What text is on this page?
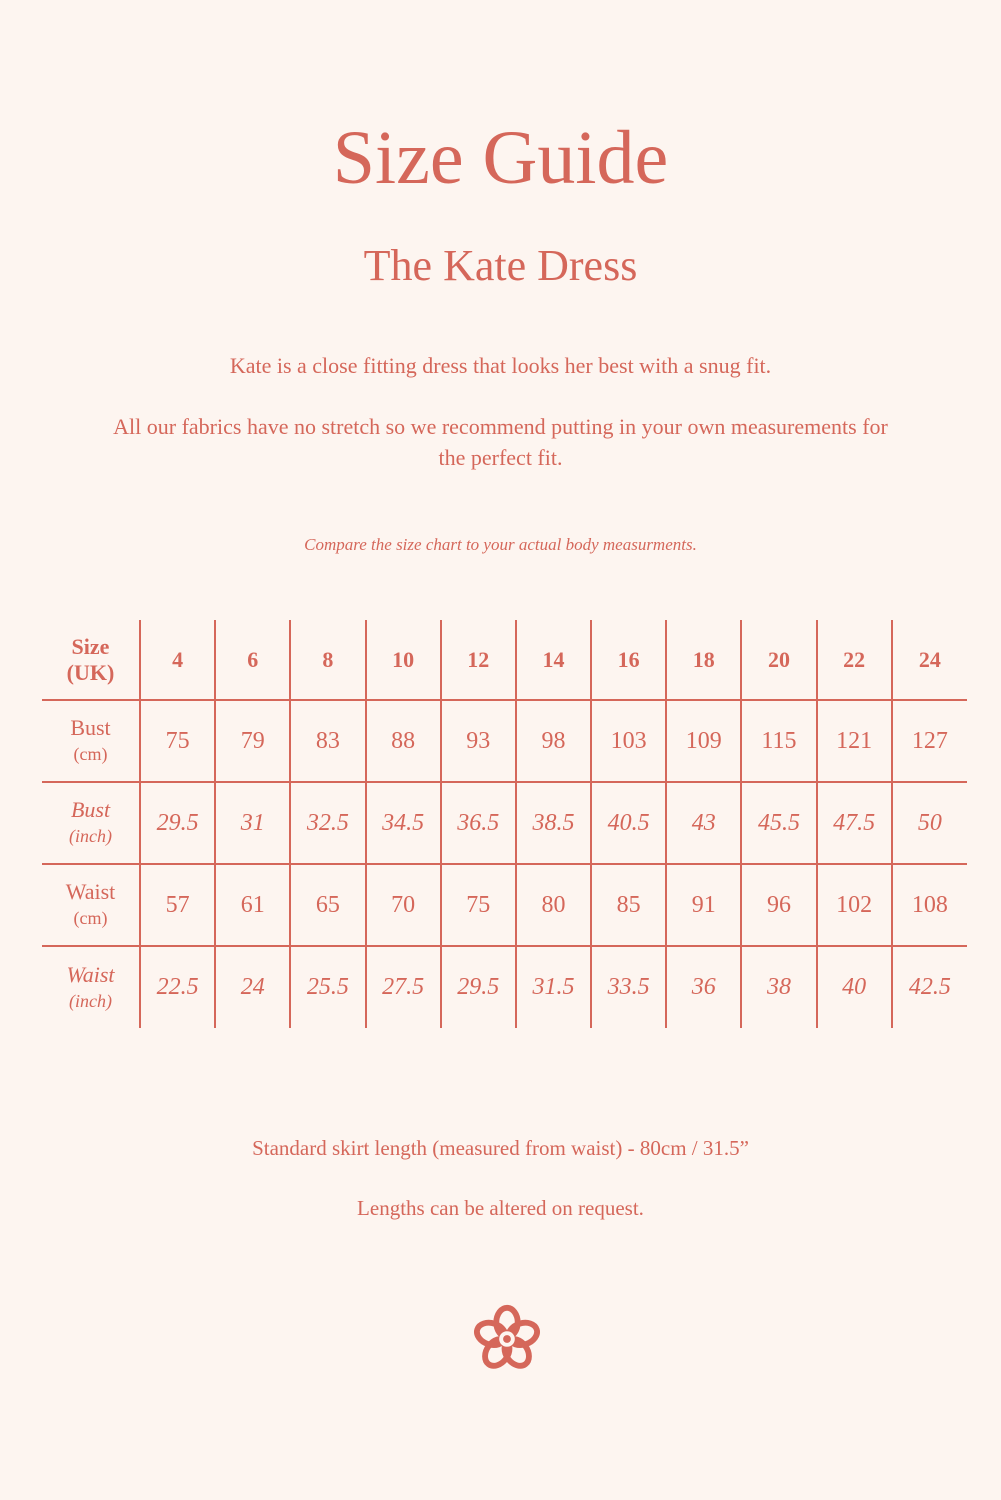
Size Guide
The Kate Dress

Kate is a close fitting dress that looks her best with a snug fit.

All our fabrics have no stretch so we recommend putting in your own measurements for the perfect fit.

Compare the size chart to your actual body measurments.

Size
(UK)	4	6	8	10	12	14	16	18	20	22	24
Bust
(cm)	75	79	83	88	93	98	103	109	115	121	127
Bust
(inch)	29.5	31	32.5	34.5	36.5	38.5	40.5	43	45.5	47.5	50
Waist
(cm)	57	61	65	70	75	80	85	91	96	102	108
Waist
(inch)	22.5	24	25.5	27.5	29.5	31.5	33.5	36	38	40	42.5

Standard skirt length (measured from waist) - 80cm / 31.5”

Lengths can be altered on request.
